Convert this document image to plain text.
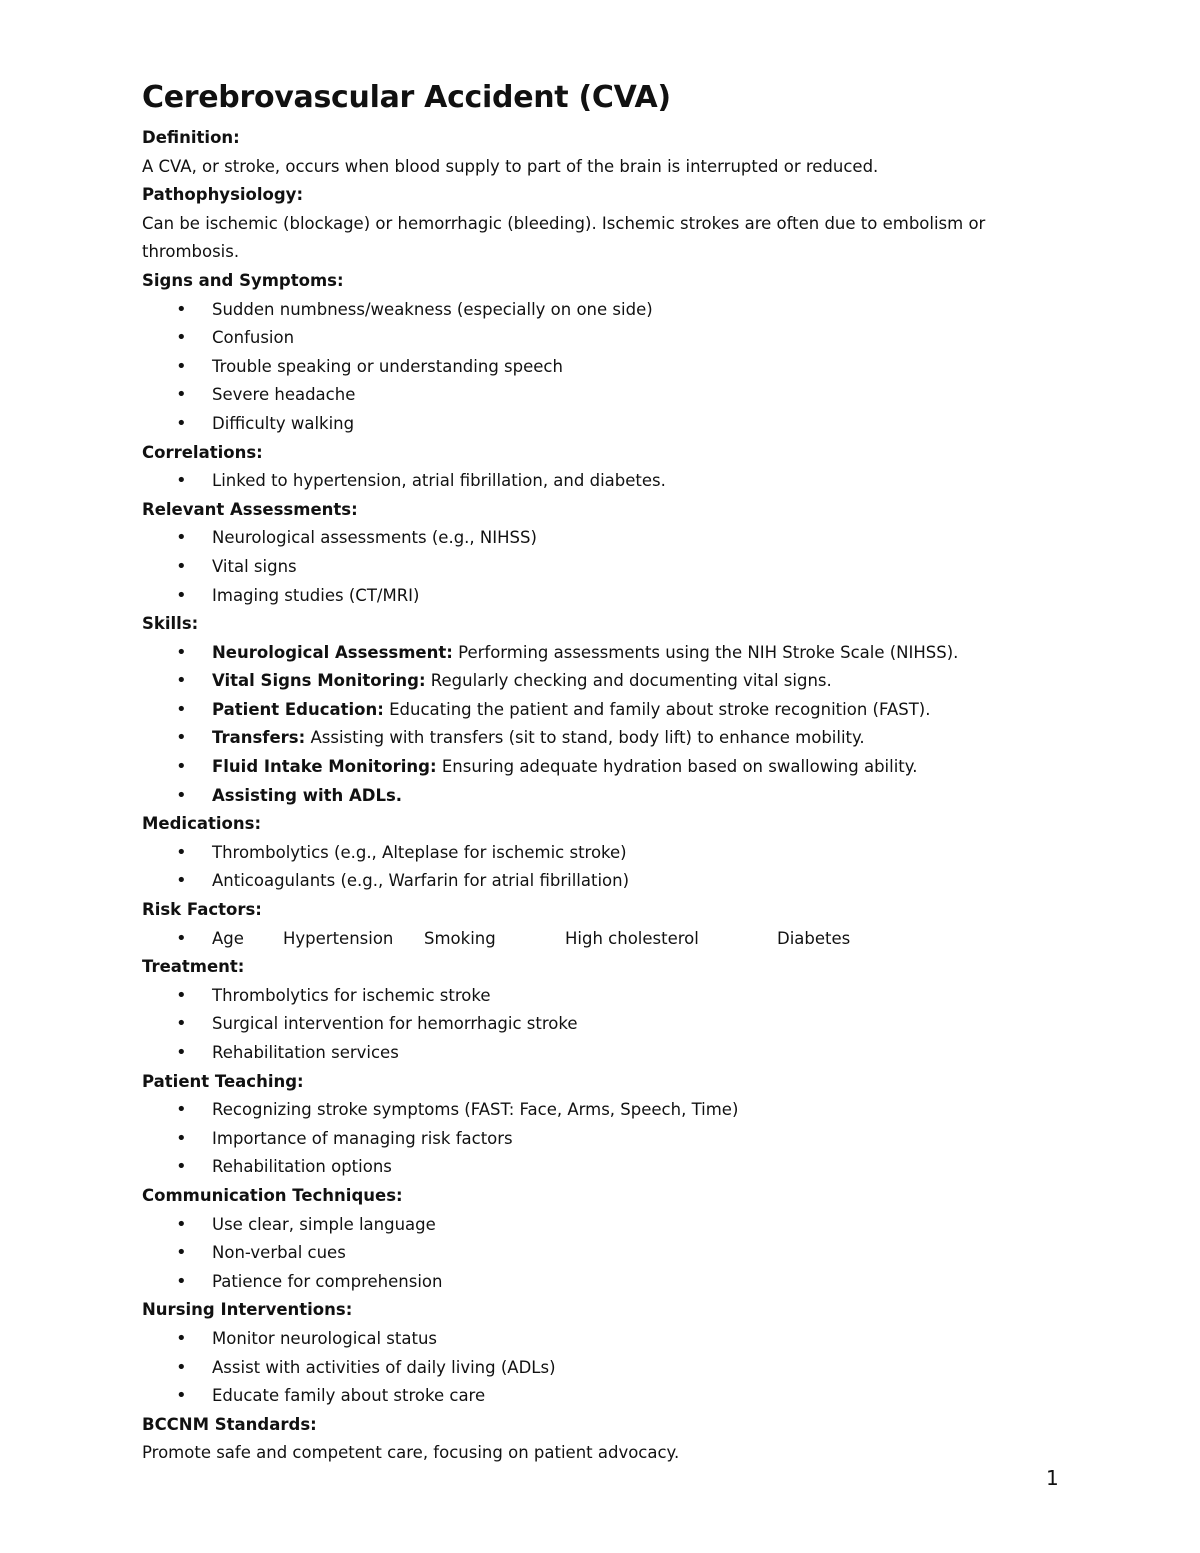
Cerebrovascular Accident (CVA)

Definition:

A CVA, or stroke, occurs when blood supply to part of the brain is interrupted or reduced.

Pathophysiology:

Can be ischemic (blockage) or hemorrhagic (bleeding). Ischemic strokes are often due to embolism or thrombosis.

Signs and Symptoms:

• Sudden numbness/weakness (especially on one side)
• Confusion
• Trouble speaking or understanding speech
• Severe headache
• Difficulty walking

Correlations:

• Linked to hypertension, atrial fibrillation, and diabetes.

Relevant Assessments:

• Neurological assessments (e.g., NIHSS)
• Vital signs
• Imaging studies (CT/MRI)

Skills:

• Neurological Assessment: Performing assessments using the NIH Stroke Scale (NIHSS).
• Vital Signs Monitoring: Regularly checking and documenting vital signs.
• Patient Education: Educating the patient and family about stroke recognition (FAST).
• Transfers: Assisting with transfers (sit to stand, body lift) to enhance mobility.
• Fluid Intake Monitoring: Ensuring adequate hydration based on swallowing ability.
• Assisting with ADLs.

Medications:

• Thrombolytics (e.g., Alteplase for ischemic stroke)
• Anticoagulants (e.g., Warfarin for atrial fibrillation)

Risk Factors:

• Age Hypertension Smoking	High cholesterol	Diabetes

Treatment:

• Thrombolytics for ischemic stroke
• Surgical intervention for hemorrhagic stroke
• Rehabilitation services

Patient Teaching:

• Recognizing stroke symptoms (FAST: Face, Arms, Speech, Time)
• Importance of managing risk factors
• Rehabilitation options

Communication Techniques:

• Use clear, simple language
• Non-verbal cues
• Patience for comprehension

Nursing Interventions:

• Monitor neurological status
• Assist with activities of daily living (ADLs)
• Educate family about stroke care

BCCNM Standards:

Promote safe and competent care, focusing on patient advocacy.

1
